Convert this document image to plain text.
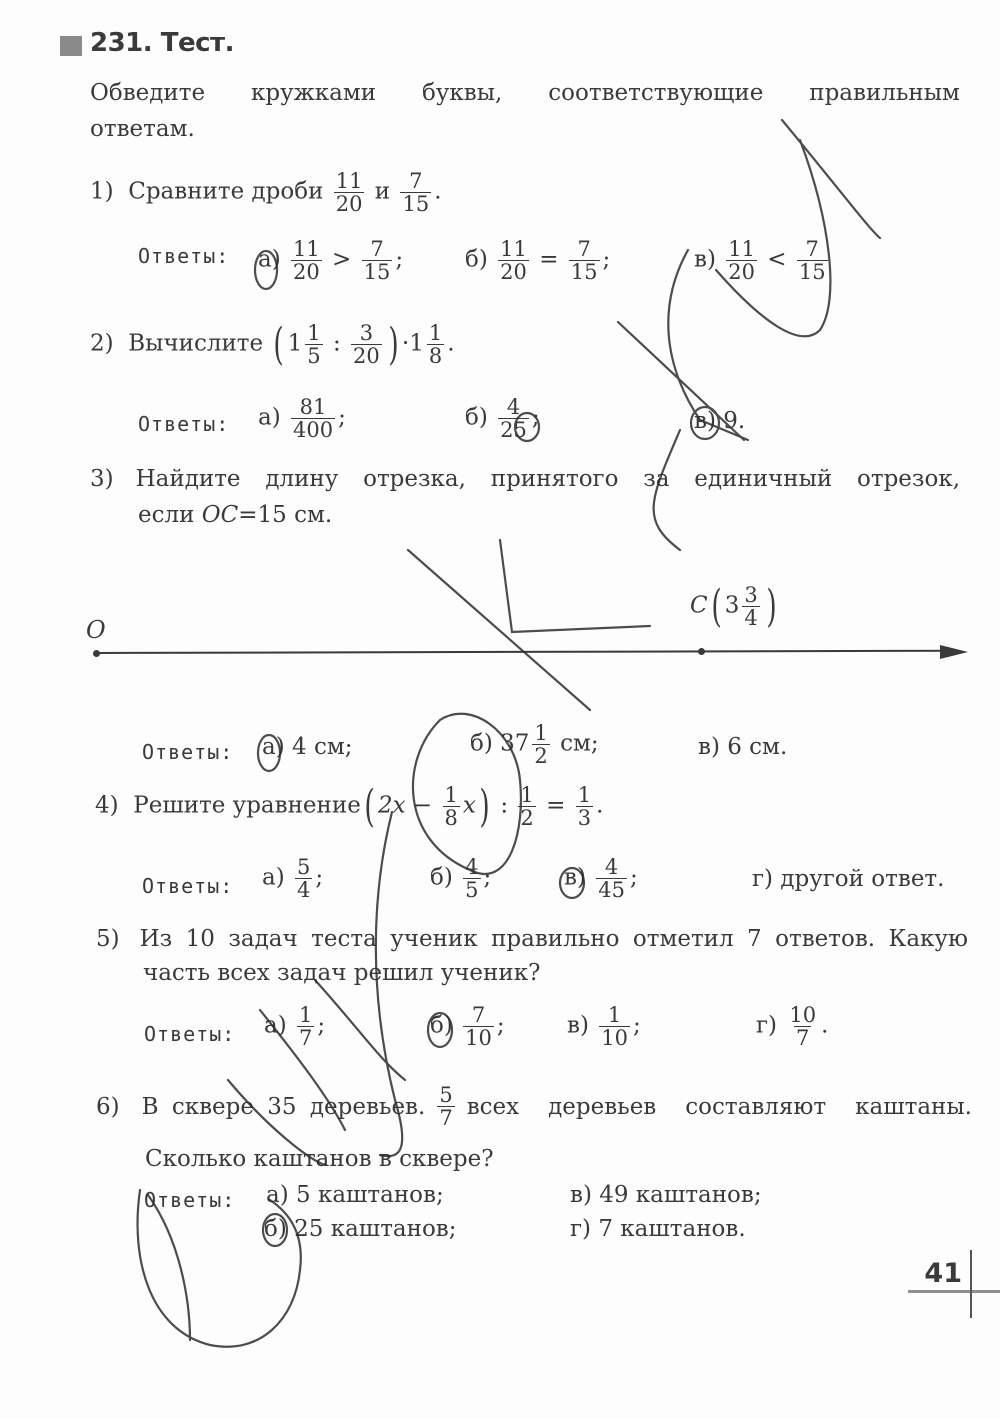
231. Тест.
Обведите кружками буквы, соответствующие правильным
ответам.
1) Сравните дроби $\frac{11}{20}$ и $\frac{7}{15}$ .
Ответы: $а) \frac{11}{20} > \frac{7}{15}$ ;	$б) \frac{11}{20} = \frac{7}{15}$ ;	$в) \frac{11}{20} < \frac{7}{15}$
2) Вычислите ( $1 \frac{1}{5}$ : $\frac{3}{20}$ ) $\cdot 1 \frac{1}{8}$ .
Ответы: $а) \frac{81}{400}$ ;	$б) \frac{4}{25}$ ;	в) 9.
3) Найдите длину отрезка, принятого за единичный отрезок,
если OC=15 см.
O
C( $3 \frac{3}{4}$ )
Ответы: а) 4 см;	б) $37 \frac{1}{2}$ см;	в) 6 см.
4) Решите уравнение( $2x - \frac{1}{8} x$) : $\frac{1}{2} = \frac{1}{3}$ .
Ответы: $а) \frac{5}{4}$ ;	$б) \frac{4}{5}$ ;	$в) \frac{4}{45}$ ;	г) другой ответ.
5) Из 10 задач теста ученик правильно отметил 7 ответов. Какую
часть всех задач решил ученик?
Ответы: $а) \frac{1}{7}$ ;	$б) \frac{7}{10}$ ;	$в) \frac{1}{10}$ ;	$г) \frac{10}{7}$ .
6) В сквере 35 деревьев. $\frac{5}{7}$ всех деревьев составляют каштаны.
Сколько каштанов в сквере?
Ответы: а) 5 каштанов;	в) 49 каштанов;
б) 25 каштанов;	г) 7 каштанов.
41
